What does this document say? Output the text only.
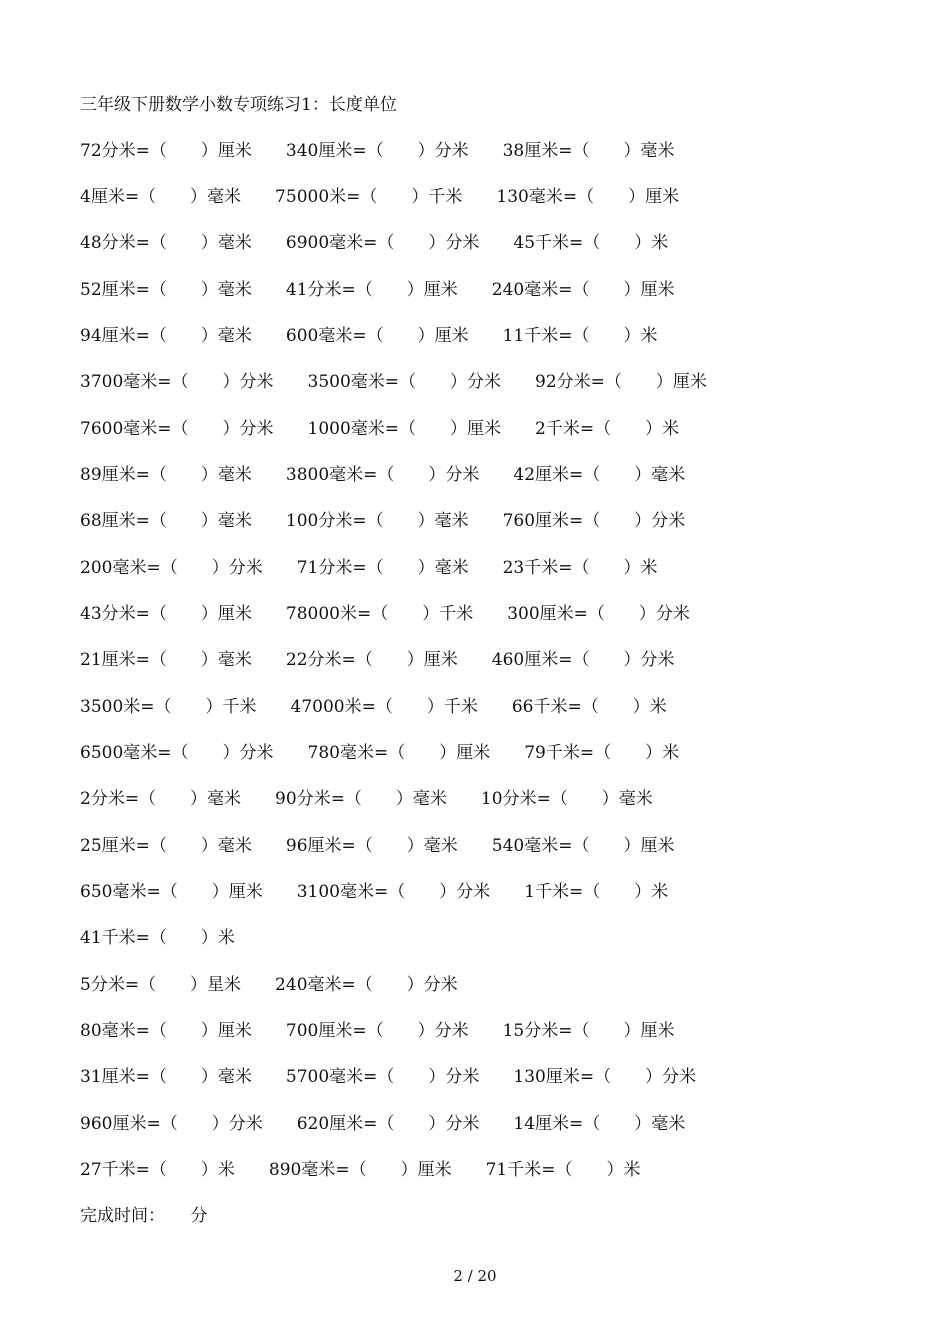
三年级下册数学小数专项练习1：长度单位
72分米=（　　）厘米　　340厘米=（　　）分米　　38厘米=（　　）毫米
4厘米=（　　）毫米　　75000米=（　　）千米　　130毫米=（　　）厘米
48分米=（　　）毫米　　6900毫米=（　　）分米　　45千米=（　　）米
52厘米=（　　）毫米　　41分米=（　　）厘米　　240毫米=（　　）厘米
94厘米=（　　）毫米　　600毫米=（　　）厘米　　11千米=（　　）米
3700毫米=（　　）分米　　3500毫米=（　　）分米　　92分米=（　　）厘米
7600毫米=（　　）分米　　1000毫米=（　　）厘米　　2千米=（　　）米
89厘米=（　　）毫米　　3800毫米=（　　）分米　　42厘米=（　　）毫米
68厘米=（　　）毫米　　100分米=（　　）毫米　　760厘米=（　　）分米
200毫米=（　　）分米　　71分米=（　　）毫米　　23千米=（　　）米
43分米=（　　）厘米　　78000米=（　　）千米　　300厘米=（　　）分米
21厘米=（　　）毫米　　22分米=（　　）厘米　　460厘米=（　　）分米
3500米=（　　）千米　　47000米=（　　）千米　　66千米=（　　）米
6500毫米=（　　）分米　　780毫米=（　　）厘米　　79千米=（　　）米
2分米=（　　）毫米　　90分米=（　　）毫米　　10分米=（　　）毫米
25厘米=（　　）毫米　　96厘米=（　　）毫米　　540毫米=（　　）厘米
650毫米=（　　）厘米　　3100毫米=（　　）分米　　1千米=（　　）米
41千米=（　　）米
5分米=（　　）星米　　240毫米=（　　）分米
80毫米=（　　）厘米　　700厘米=（　　）分米　　15分米=（　　）厘米
31厘米=（　　）毫米　　5700毫米=（　　）分米　　130厘米=（　　）分米
960厘米=（　　）分米　　620厘米=（　　）分米　　14厘米=（　　）毫米
27千米=（　　）米　　890毫米=（　　）厘米　　71千米=（　　）米
完成时间：　　分
2 / 20
